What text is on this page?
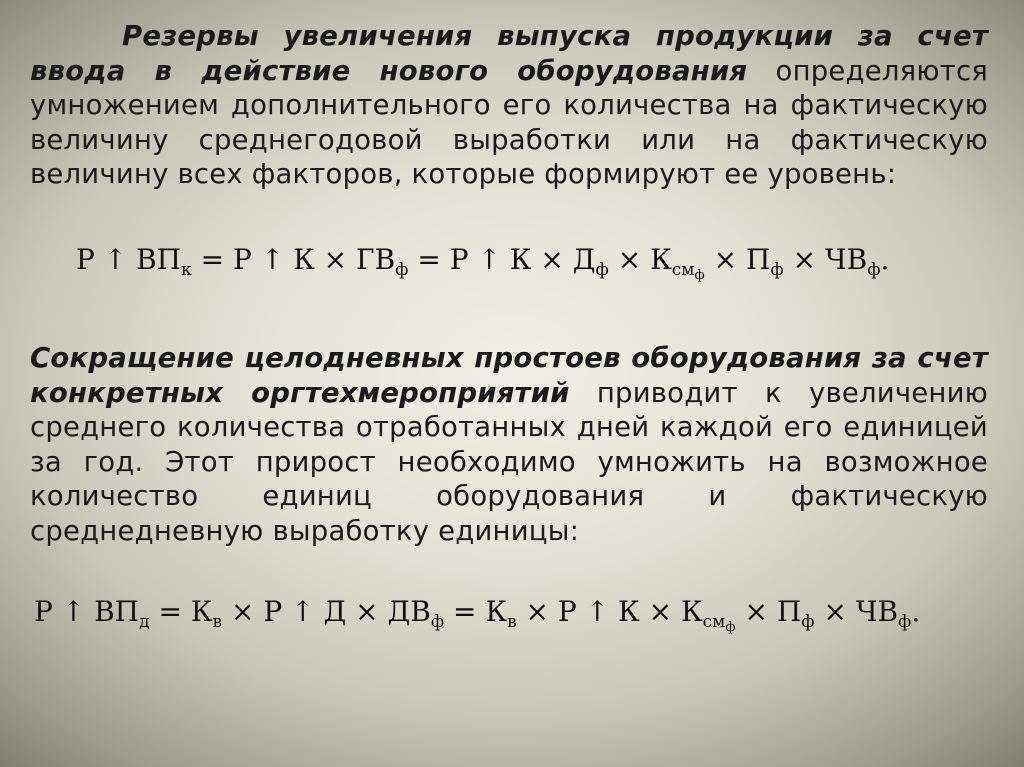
Резервы увеличения выпуска продукции за счет ввода в действие нового оборудования определяются умножением дополнительного его количества на фактическую величину среднегодовой выработки или на фактическую величину всех факторов, которые формируют ее уровень:

Р ↑ $ВП_к = Р$ ↑ $К \times ГВ_ф = Р$ ↑ $К \times Д_ф \times К_{см_ф} \times П_ф \times ЧВ_ф$.

Сокращение целодневных простоев оборудования за счет конкретных оргтехмероприятий приводит к увеличению среднего количества отработанных дней каждой его единицей за год. Этот прирост необходимо умножить на возможное количество единиц оборудования и фактическую среднедневную выработку единицы:

Р ↑ $ВП_д = К_в \times Р$ ↑ $Д \times ДВ_ф = К_в \times Р$ ↑ $К \times К_{см_ф} \times П_ф \times ЧВ_ф$.
